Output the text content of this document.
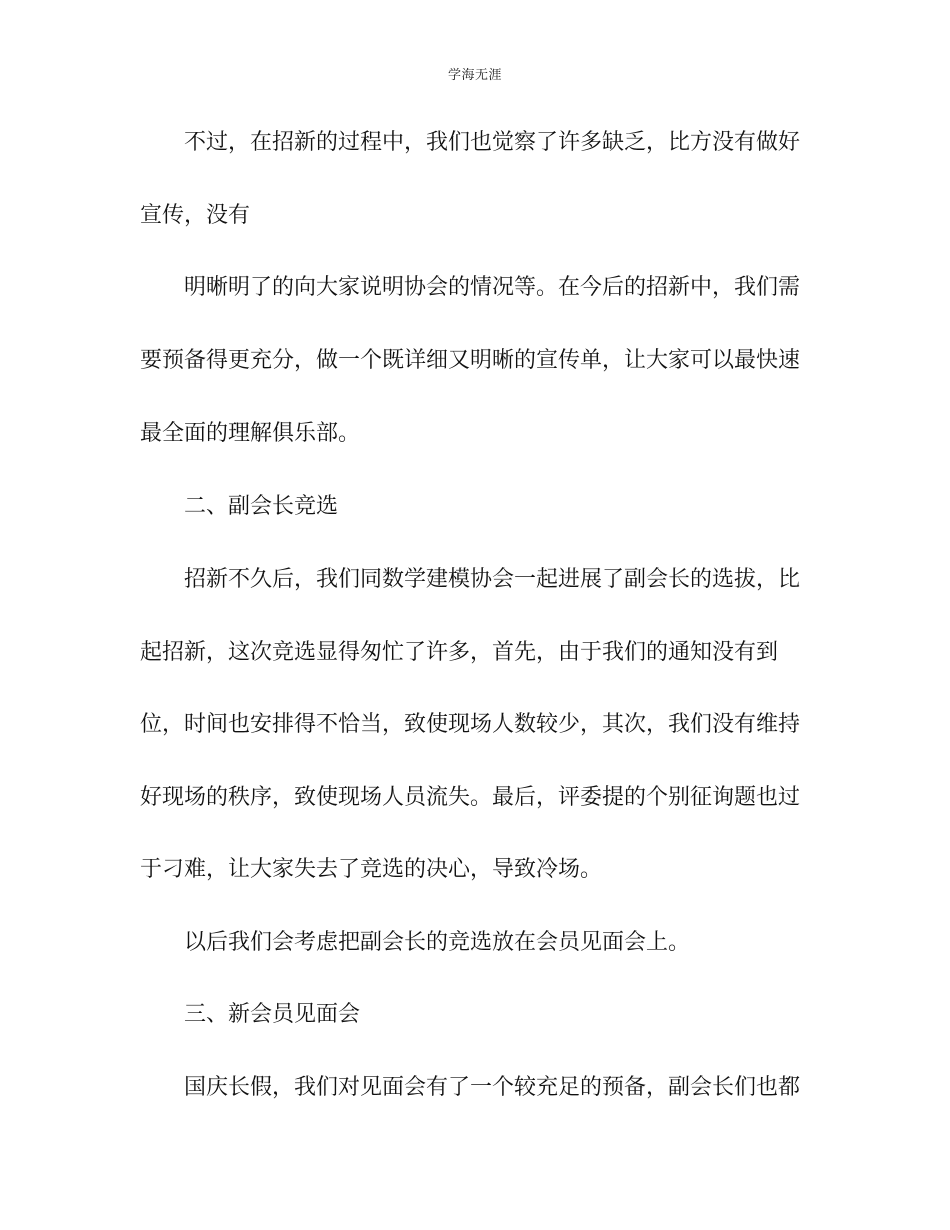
学海无涯
不过，在招新的过程中，我们也觉察了许多缺乏，比方没有做好
宣传，没有
明晰明了的向大家说明协会的情况等。在今后的招新中，我们需
要预备得更充分，做一个既详细又明晰的宣传单，让大家可以最快速
最全面的理解俱乐部。
二、副会长竞选
招新不久后，我们同数学建模协会一起进展了副会长的选拔，比
起招新，这次竞选显得匆忙了许多，首先，由于我们的通知没有到
位，时间也安排得不恰当，致使现场人数较少，其次，我们没有维持
好现场的秩序，致使现场人员流失。最后，评委提的个别征询题也过
于刁难，让大家失去了竞选的决心，导致冷场。
以后我们会考虑把副会长的竞选放在会员见面会上。
三、新会员见面会
国庆长假，我们对见面会有了一个较充足的预备，副会长们也都
